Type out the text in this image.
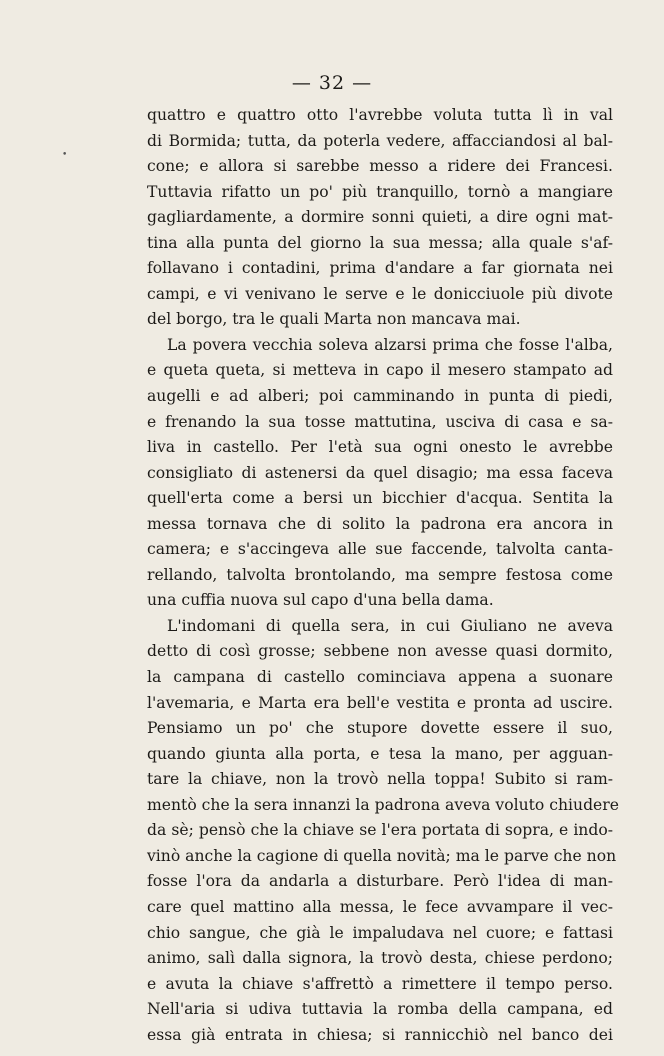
— 32 —
quattro e quattro otto l'avrebbe voluta tutta lì in val
di Bormida; tutta, da poterla vedere, affacciandosi al bal-
cone; e allora si sarebbe messo a ridere dei Francesi.
Tuttavia rifatto un po' più tranquillo, tornò a mangiare
gagliardamente, a dormire sonni quieti, a dire ogni mat-
tina alla punta del giorno la sua messa; alla quale s'af-
follavano i contadini, prima d'andare a far giornata nei
campi, e vi venivano le serve e le donicciuole più divote
del borgo, tra le quali Marta non mancava mai.
La povera vecchia soleva alzarsi prima che fosse l'alba,
e queta queta, si metteva in capo il mesero stampato ad
augelli e ad alberi; poi camminando in punta di piedi,
e frenando la sua tosse mattutina, usciva di casa e sa-
liva in castello. Per l'età sua ogni onesto le avrebbe
consigliato di astenersi da quel disagio; ma essa faceva
quell'erta come a bersi un bicchier d'acqua. Sentita la
messa tornava che di solito la padrona era ancora in
camera; e s'accingeva alle sue faccende, talvolta canta-
rellando, talvolta brontolando, ma sempre festosa come
una cuffia nuova sul capo d'una bella dama.
L'indomani di quella sera, in cui Giuliano ne aveva
detto di così grosse; sebbene non avesse quasi dormito,
la campana di castello cominciava appena a suonare
l'avemaria, e Marta era bell'e vestita e pronta ad uscire.
Pensiamo un po' che stupore dovette essere il suo,
quando giunta alla porta, e tesa la mano, per agguan-
tare la chiave, non la trovò nella toppa! Subito si ram-
mentò che la sera innanzi la padrona aveva voluto chiudere
da sè; pensò che la chiave se l'era portata di sopra, e indo-
vinò anche la cagione di quella novità; ma le parve che non
fosse l'ora da andarla a disturbare. Però l'idea di man-
care quel mattino alla messa, le fece avvampare il vec-
chio sangue, che già le impaludava nel cuore; e fattasi
animo, salì dalla signora, la trovò desta, chiese perdono;
e avuta la chiave s'affrettò a rimettere il tempo perso.
Nell'aria si udiva tuttavia la romba della campana, ed
essa già entrata in chiesa; si rannicchiò nel banco dei
•
